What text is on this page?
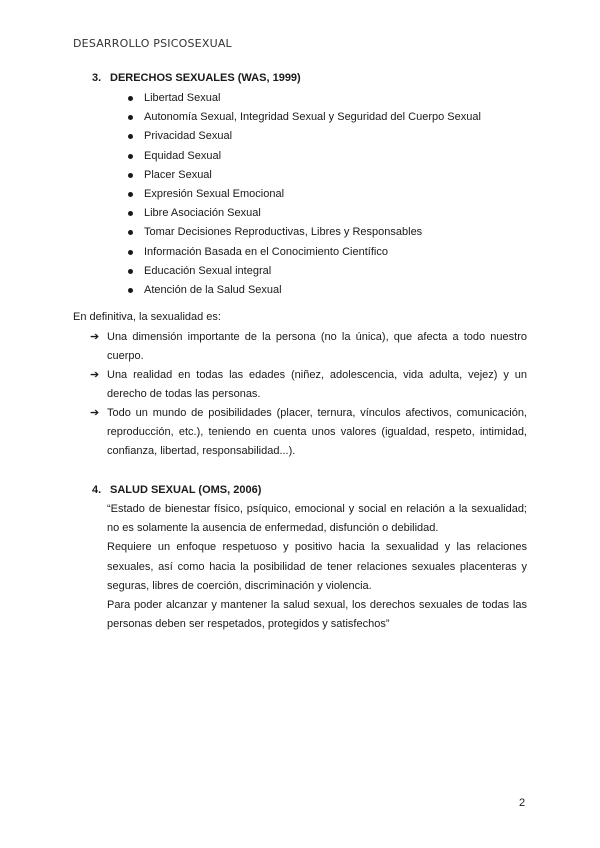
DESARROLLO PSICOSEXUAL
3. DERECHOS SEXUALES (WAS, 1999)
Libertad Sexual
Autonomía Sexual, Integridad Sexual y Seguridad del Cuerpo Sexual
Privacidad Sexual
Equidad Sexual
Placer Sexual
Expresión Sexual Emocional
Libre Asociación Sexual
Tomar Decisiones Reproductivas, Libres y Responsables
Información Basada en el Conocimiento Científico
Educación Sexual integral
Atención de la Salud Sexual
En definitiva, la sexualidad es:
➔ Una dimensión importante de la persona (no la única), que afecta a todo nuestro cuerpo.
➔ Una realidad en todas las edades (niñez, adolescencia, vida adulta, vejez) y un derecho de todas las personas.
➔ Todo un mundo de posibilidades (placer, ternura, vínculos afectivos, comunicación, reproducción, etc.), teniendo en cuenta unos valores (igualdad, respeto, intimidad, confianza, libertad, responsabilidad...).
4. SALUD SEXUAL (OMS, 2006)

“Estado de bienestar físico, psíquico, emocional y social en relación a la sexualidad; no es solamente la ausencia de enfermedad, disfunción o debilidad.

Requiere un enfoque respetuoso y positivo hacia la sexualidad y las relaciones sexuales, así como hacia la posibilidad de tener relaciones sexuales placenteras y seguras, libres de coerción, discriminación y violencia.

Para poder alcanzar y mantener la salud sexual, los derechos sexuales de todas las personas deben ser respetados, protegidos y satisfechos”

2
